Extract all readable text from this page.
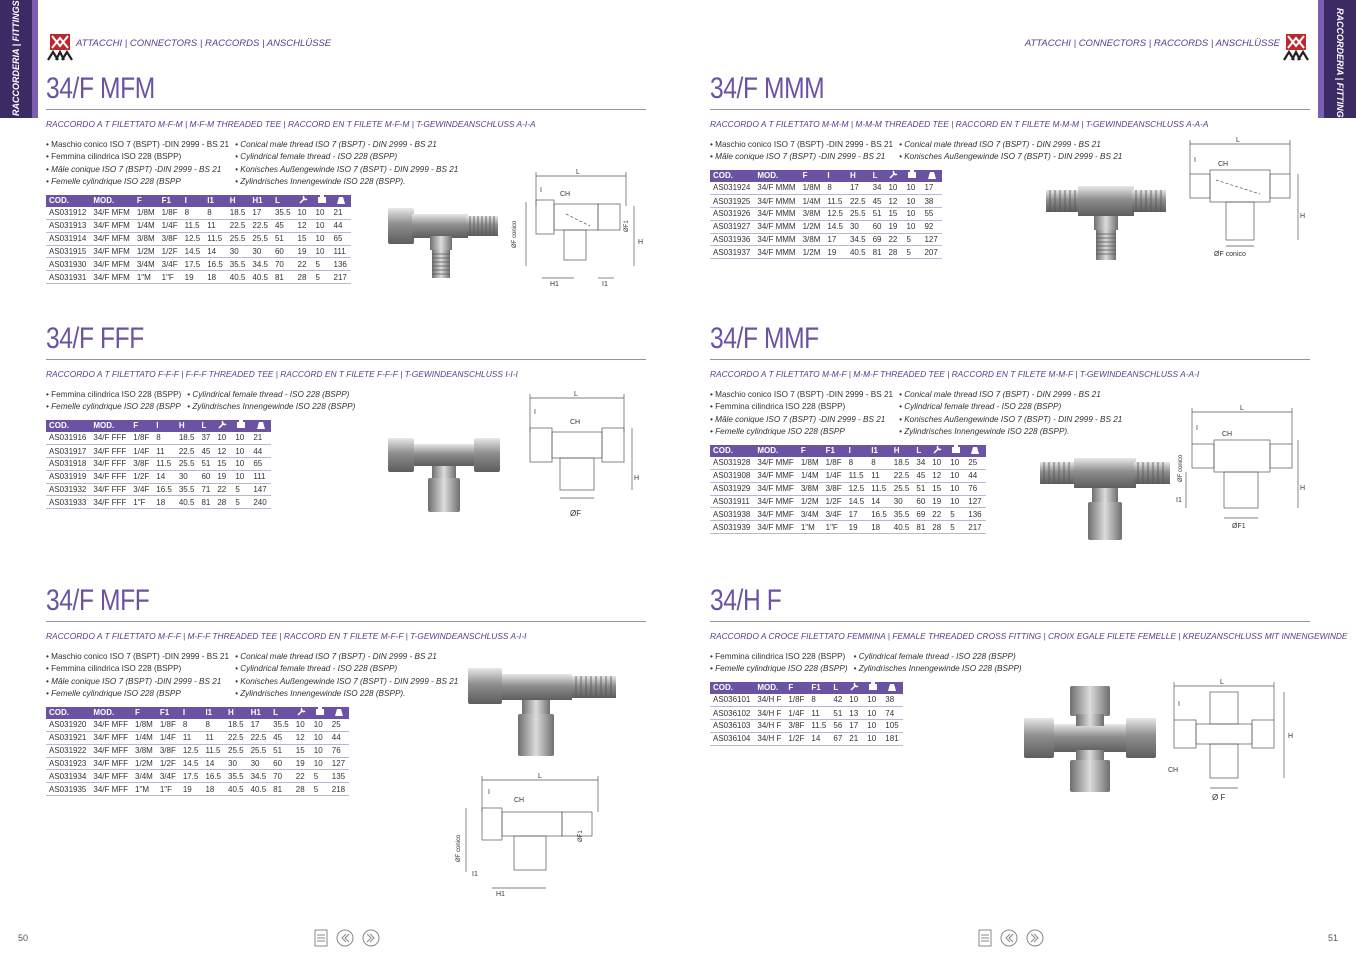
RACCORDERIA | FITTINGS	RACCORDERIA | FITTINGS
ATTACCHI | CONNECTORS | RACCORDS | ANSCHLÜSSE	ATTACCHI | CONNECTORS | RACCORDS | ANSCHLÜSSE
34/F MFM
RACCORDO A T FILETTATO M-F-M | M-F-M THREADED TEE | RACCORD EN T FILETE M-F-M | T-GEWINDEANSCHLUSS A-I-A
• Maschio conico ISO 7 (BSPT) -DIN 2999 - BS 21
• Femmina cilindrica ISO 228 (BSPP)
• Mâle conique ISO 7 (BSPT) -DIN 2999 - BS 21
• Femelle cylindrique ISO 228 (BSPP
• Conical male thread ISO 7 (BSPT) - DIN 2999 - BS 21
• Cylindrical female thread - ISO 228 (BSPP)
• Konisches Außengewinde ISO 7 (BSPT) - DIN 2999 - BS 21
• Zylindrisches Innengewinde ISO 228 (BSPP).
COD.	MOD.	F	F1	I	I1	H	H1	L			
AS031912	34/F MFM	1/8M	1/8F	8	8	18.5	17	35.5	10	10	21
AS031913	34/F MFM	1/4M	1/4F	11.5	11	22.5	22.5	45	12	10	44
AS031914	34/F MFM	3/8M	3/8F	12.5	11.5	25.5	25.5	51	15	10	65
AS031915	34/F MFM	1/2M	1/2F	14.5	14	30	30	60	19	10	111
AS031930	34/F MFM	3/4M	3/4F	17.5	16.5	35.5	34.5	70	22	5	136
AS031931	34/F MFM	1"M	1"F	19	18	40.5	40.5	81	28	5	217
L
CH
I
ØF conico	ØF1
H
H1	I1
34/F FFF
RACCORDO A T FILETTATO F-F-F | F-F-F THREADED TEE | RACCORD EN T FILETE F-F-F | T-GEWINDEANSCHLUSS I-I-I
• Femmina cilindrica ISO 228 (BSPP)
• Femelle cylindrique ISO 228 (BSPP
• Cylindrical female thread - ISO 228 (BSPP)
• Zylindrisches Innengewinde ISO 228 (BSPP)
COD.	MOD.	F	I	H	L			
AS031916	34/F FFF	1/8F	8	18.5	37	10	10	21
AS031917	34/F FFF	1/4F	11	22.5	45	12	10	44
AS031918	34/F FFF	3/8F	11.5	25.5	51	15	10	65
AS031919	34/F FFF	1/2F	14	30	60	19	10	111
AS031932	34/F FFF	3/4F	16.5	35.5	71	22	5	147
AS031933	34/F FFF	1"F	18	40.5	81	28	5	240
L
I
CH
H
ØF
34/F MFF
RACCORDO A T FILETTATO M-F-F | M-F-F THREADED TEE | RACCORD EN T FILETE M-F-F | T-GEWINDEANSCHLUSS A-I-I
• Maschio conico ISO 7 (BSPT) -DIN 2999 - BS 21
• Femmina cilindrica ISO 228 (BSPP)
• Mâle conique ISO 7 (BSPT) -DIN 2999 - BS 21
• Femelle cylindrique ISO 228 (BSPP
• Conical male thread ISO 7 (BSPT) - DIN 2999 - BS 21
• Cylindrical female thread - ISO 228 (BSPP)
• Konisches Außengewinde ISO 7 (BSPT) - DIN 2999 - BS 21
• Zylindrisches Innengewinde ISO 228 (BSPP).
COD.	MOD.	F	F1	I	I1	H	H1	L			
AS031920	34/F MFF	1/8M	1/8F	8	8	18.5	17	35.5	10	10	25
AS031921	34/F MFF	1/4M	1/4F	11	11	22.5	22.5	45	12	10	44
AS031922	34/F MFF	3/8M	3/8F	12.5	11.5	25.5	25.5	51	15	10	76
AS031923	34/F MFF	1/2M	1/2F	14.5	14	30	30	60	19	10	127
AS031934	34/F MFF	3/4M	3/4F	17.5	16.5	35.5	34.5	70	22	5	135
AS031935	34/F MFF	1"M	1"F	19	18	40.5	40.5	81	28	5	218
L
I
CH
ØF conico	ØF1
I1
H1
34/F MMM
RACCORDO A T FILETTATO M-M-M | M-M-M THREADED TEE | RACCORD EN T FILETE M-M-M | T-GEWINDEANSCHLUSS A-A-A
• Maschio conico ISO 7 (BSPT) -DIN 2999 - BS 21
• Mâle conique ISO 7 (BSPT) -DIN 2999 - BS 21
• Conical male thread ISO 7 (BSPT) - DIN 2999 - BS 21
• Konisches Außengewinde ISO 7 (BSPT) - DIN 2999 - BS 21
COD.	MOD.	F	I	H	L			
AS031924	34/F MMM	1/8M	8	17	34	10	10	17
AS031925	34/F MMM	1/4M	11.5	22.5	45	12	10	38
AS031926	34/F MMM	3/8M	12.5	25.5	51	15	10	55
AS031927	34/F MMM	1/2M	14.5	30	60	19	10	92
AS031936	34/F MMM	3/8M	17	34.5	69	22	5	127
AS031937	34/F MMM	1/2M	19	40.5	81	28	5	207
L
CH
I
H
ØF conico
34/F MMF
RACCORDO A T FILETTATO M-M-F | M-M-F THREADED TEE | RACCORD EN T FILETE M-M-F | T-GEWINDEANSCHLUSS A-A-I
• Maschio conico ISO 7 (BSPT) -DIN 2999 - BS 21
• Femmina cilindrica ISO 228 (BSPP)
• Mâle conique ISO 7 (BSPT) -DIN 2999 - BS 21
• Femelle cylindrique ISO 228 (BSPP
• Conical male thread ISO 7 (BSPT) - DIN 2999 - BS 21
• Cylindrical female thread - ISO 228 (BSPP)
• Konisches Außengewinde ISO 7 (BSPT) - DIN 2999 - BS 21
• Zylindrisches Innengewinde ISO 228 (BSPP).
COD.	MOD.	F	F1	I	I1	H	L			
AS031928	34/F MMF	1/8M	1/8F	8	8	18.5	34	10	10	25
AS031908	34/F MMF	1/4M	1/4F	11.5	11	22.5	45	12	10	44
AS031929	34/F MMF	3/8M	3/8F	12.5	11.5	25.5	51	15	10	76
AS031911	34/F MMF	1/2M	1/2F	14.5	14	30	60	19	10	127
AS031938	34/F MMF	3/4M	3/4F	17	16.5	35.5	69	22	5	136
AS031939	34/F MMF	1"M	1"F	19	18	40.5	81	28	5	217
L
I
CH
ØF conico
I1
H
ØF1
34/H F
RACCORDO A CROCE FILETTATO FEMMINA | FEMALE THREADED CROSS FITTING | CROIX EGALE FILETE FEMELLE | KREUZANSCHLUSS MIT INNENGEWINDE
• Femmina cilindrica ISO 228 (BSPP)
• Femelle cylindrique ISO 228 (BSPP)
• Cylindrical female thread - ISO 228 (BSPP)
• Zylindrisches Innengewinde ISO 228 (BSPP)
COD.	MOD.	F	F1	L			
AS036101	34/H F	1/8F	8	42	10	10	38
AS036102	34/H F	1/4F	11	51	13	10	74
AS036103	34/H F	3/8F	11.5	56	17	10	105
AS036104	34/H F	1/2F	14	67	21	10	181
L
I
H
CH
Ø F
50	51
